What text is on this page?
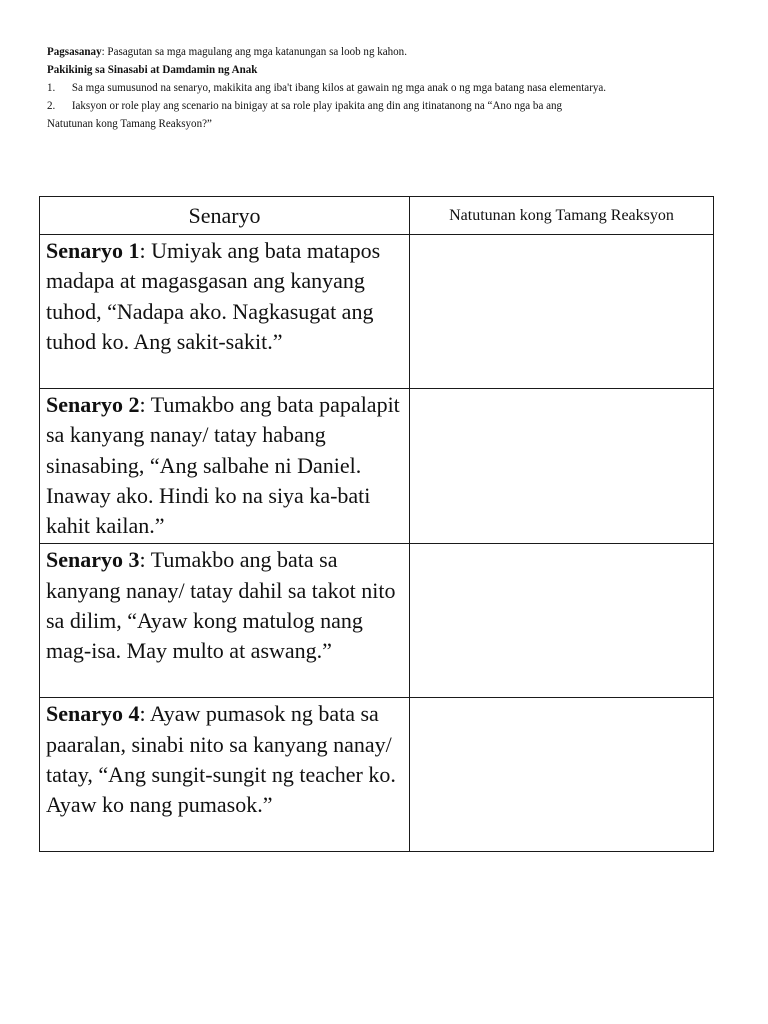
Pagsasanay: Pasagutan sa mga magulang ang mga katanungan sa loob ng kahon.

Pakikinig sa Sinasabi at Damdamin ng Anak

1.	Sa mga sumusunod na senaryo, makikita ang iba't ibang kilos at gawain ng mga anak o ng mga batang nasa elementarya.

2. Iaksyon or role play ang scenario na binigay at sa role play ipakita ang din ang itinatanong na “Ano nga ba ang

Natutunan kong Tamang Reaksyon?”

Senaryo	Natutunan kong Tamang Reaksyon
Senaryo 1: Umiyak ang bata matapos madapa at magasgasan ang kanyang tuhod, “Nadapa ako. Nagkasugat ang tuhod ko. Ang sakit-sakit.”	
Senaryo 2: Tumakbo ang bata papalapit sa kanyang nanay/ tatay habang sinasabing, “Ang salbahe ni Daniel. Inaway ako. Hindi ko na siya ka-bati kahit kailan.”	
Senaryo 3: Tumakbo ang bata sa kanyang nanay/ tatay dahil sa takot nito sa dilim, “Ayaw kong matulog nang mag-isa. May multo at aswang.”	
Senaryo 4: Ayaw pumasok ng bata sa paaralan, sinabi nito sa kanyang nanay/ tatay, “Ang sungit-sungit ng teacher ko. Ayaw ko nang pumasok.”	
